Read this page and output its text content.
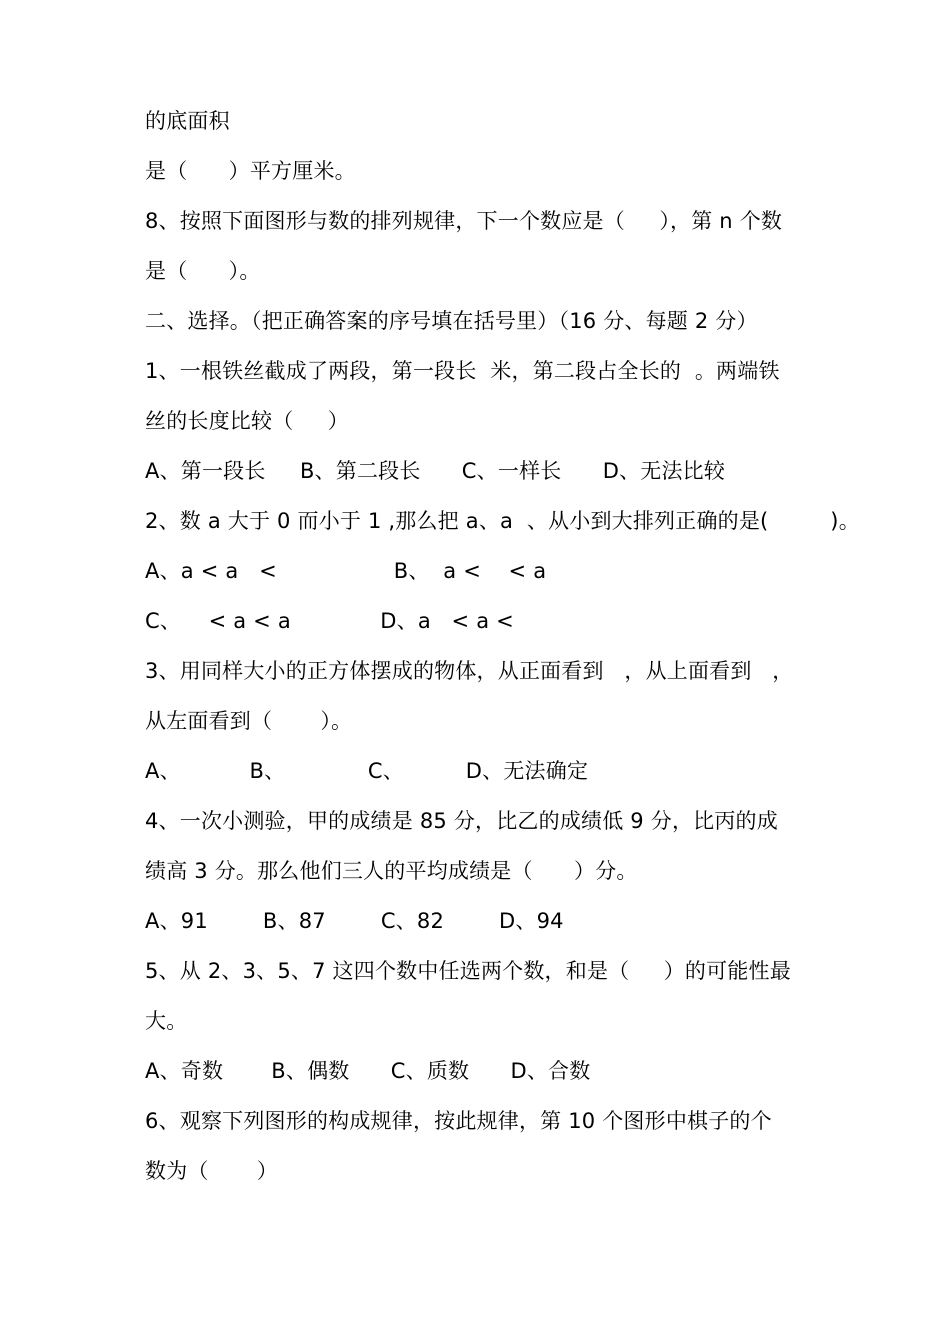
的底面积
是（      ）平方厘米。
8、按照下面图形与数的排列规律，下一个数应是（     ），第 n 个数
是（      ）。
二、选择。（把正确答案的序号填在括号里）（16 分、每题 2 分）
1、一根铁丝截成了两段，第一段长  米，第二段占全长的  。两端铁
丝的长度比较（     ）
A、第一段长     B、第二段长      C、一样长      D、无法比较
2、数 a 大于 0 而小于 1 ,那么把 a、a  、从小到大排列正确的是(         )。
A、a < a   <                 B、  a <    < a
C、    < a < a             D、a   < a <
3、用同样大小的正方体摆成的物体，从正面看到   ，从上面看到   ，
从左面看到（       ）。
A、          B、            C、         D、无法确定
4、一次小测验，甲的成绩是 85 分，比乙的成绩低 9 分，比丙的成
绩高 3 分。那么他们三人的平均成绩是（      ）分。
A、91        B、87        C、82        D、94
5、从 2、3、5、7 这四个数中任选两个数，和是（     ）的可能性最
大。
A、奇数       B、偶数      C、质数      D、合数
6、观察下列图形的构成规律，按此规律，第 10 个图形中棋子的个
数为（       ）
